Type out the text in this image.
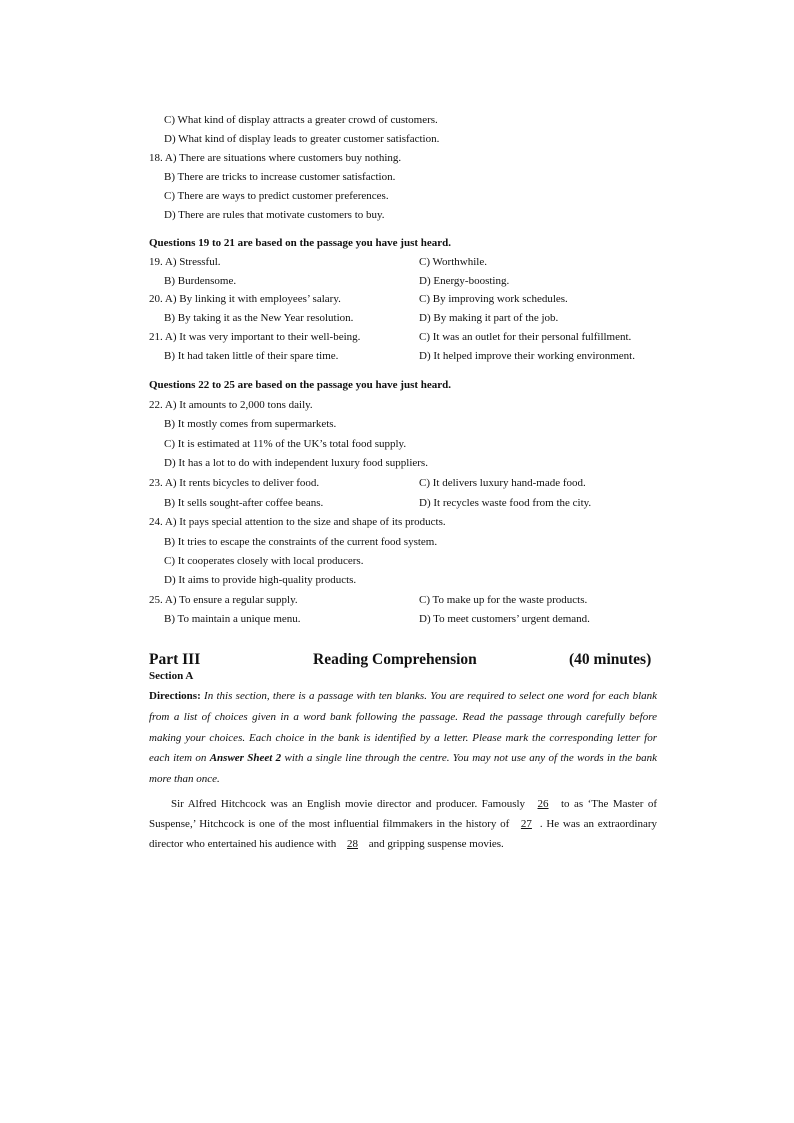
C) What kind of display attracts a greater crowd of customers.
D) What kind of display leads to greater customer satisfaction.
18. A) There are situations where customers buy nothing.
B) There are tricks to increase customer satisfaction.
C) There are ways to predict customer preferences.
D) There are rules that motivate customers to buy.
Questions 19 to 21 are based on the passage you have just heard.
19. A) Stressful.	C) Worthwhile.
B) Burdensome.	D) Energy-boosting.
20. A) By linking it with employees’ salary.	C) By improving work schedules.
B) By taking it as the New Year resolution.	D) By making it part of the job.
21. A) It was very important to their well-being.	C) It was an outlet for their personal fulfillment.
B) It had taken little of their spare time.	D) It helped improve their working environment.
Questions 22 to 25 are based on the passage you have just heard.
22. A) It amounts to 2,000 tons daily.
B) It mostly comes from supermarkets.
C) It is estimated at 11% of the UK’s total food supply.
D) It has a lot to do with independent luxury food suppliers.
23. A) It rents bicycles to deliver food.	C) It delivers luxury hand-made food.
B) It sells sought-after coffee beans.	D) It recycles waste food from the city.
24. A) It pays special attention to the size and shape of its products.
B) It tries to escape the constraints of the current food system.
C) It cooperates closely with local producers.
D) It aims to provide high-quality products.
25. A) To ensure a regular supply.	C) To make up for the waste products.
B) To maintain a unique menu.	D) To meet customers’ urgent demand.
Part III	Reading Comprehension	(40 minutes)
Section A
Directions: In this section, there is a passage with ten blanks. You are required to select one word for each blank from a list of choices given in a word bank following the passage. Read the passage through carefully before making your choices. Each choice in the bank is identified by a letter. Please mark the corresponding letter for each item on Answer Sheet 2 with a single line through the centre. You may not use any of the words in the bank more than once.
Sir Alfred Hitchcock was an English movie director and producer. Famously 26 to as ‘The Master of Suspense,’ Hitchcock is one of the most influential filmmakers in the history of 27 . He was an extraordinary director who entertained his audience with 28 and gripping suspense movies.
